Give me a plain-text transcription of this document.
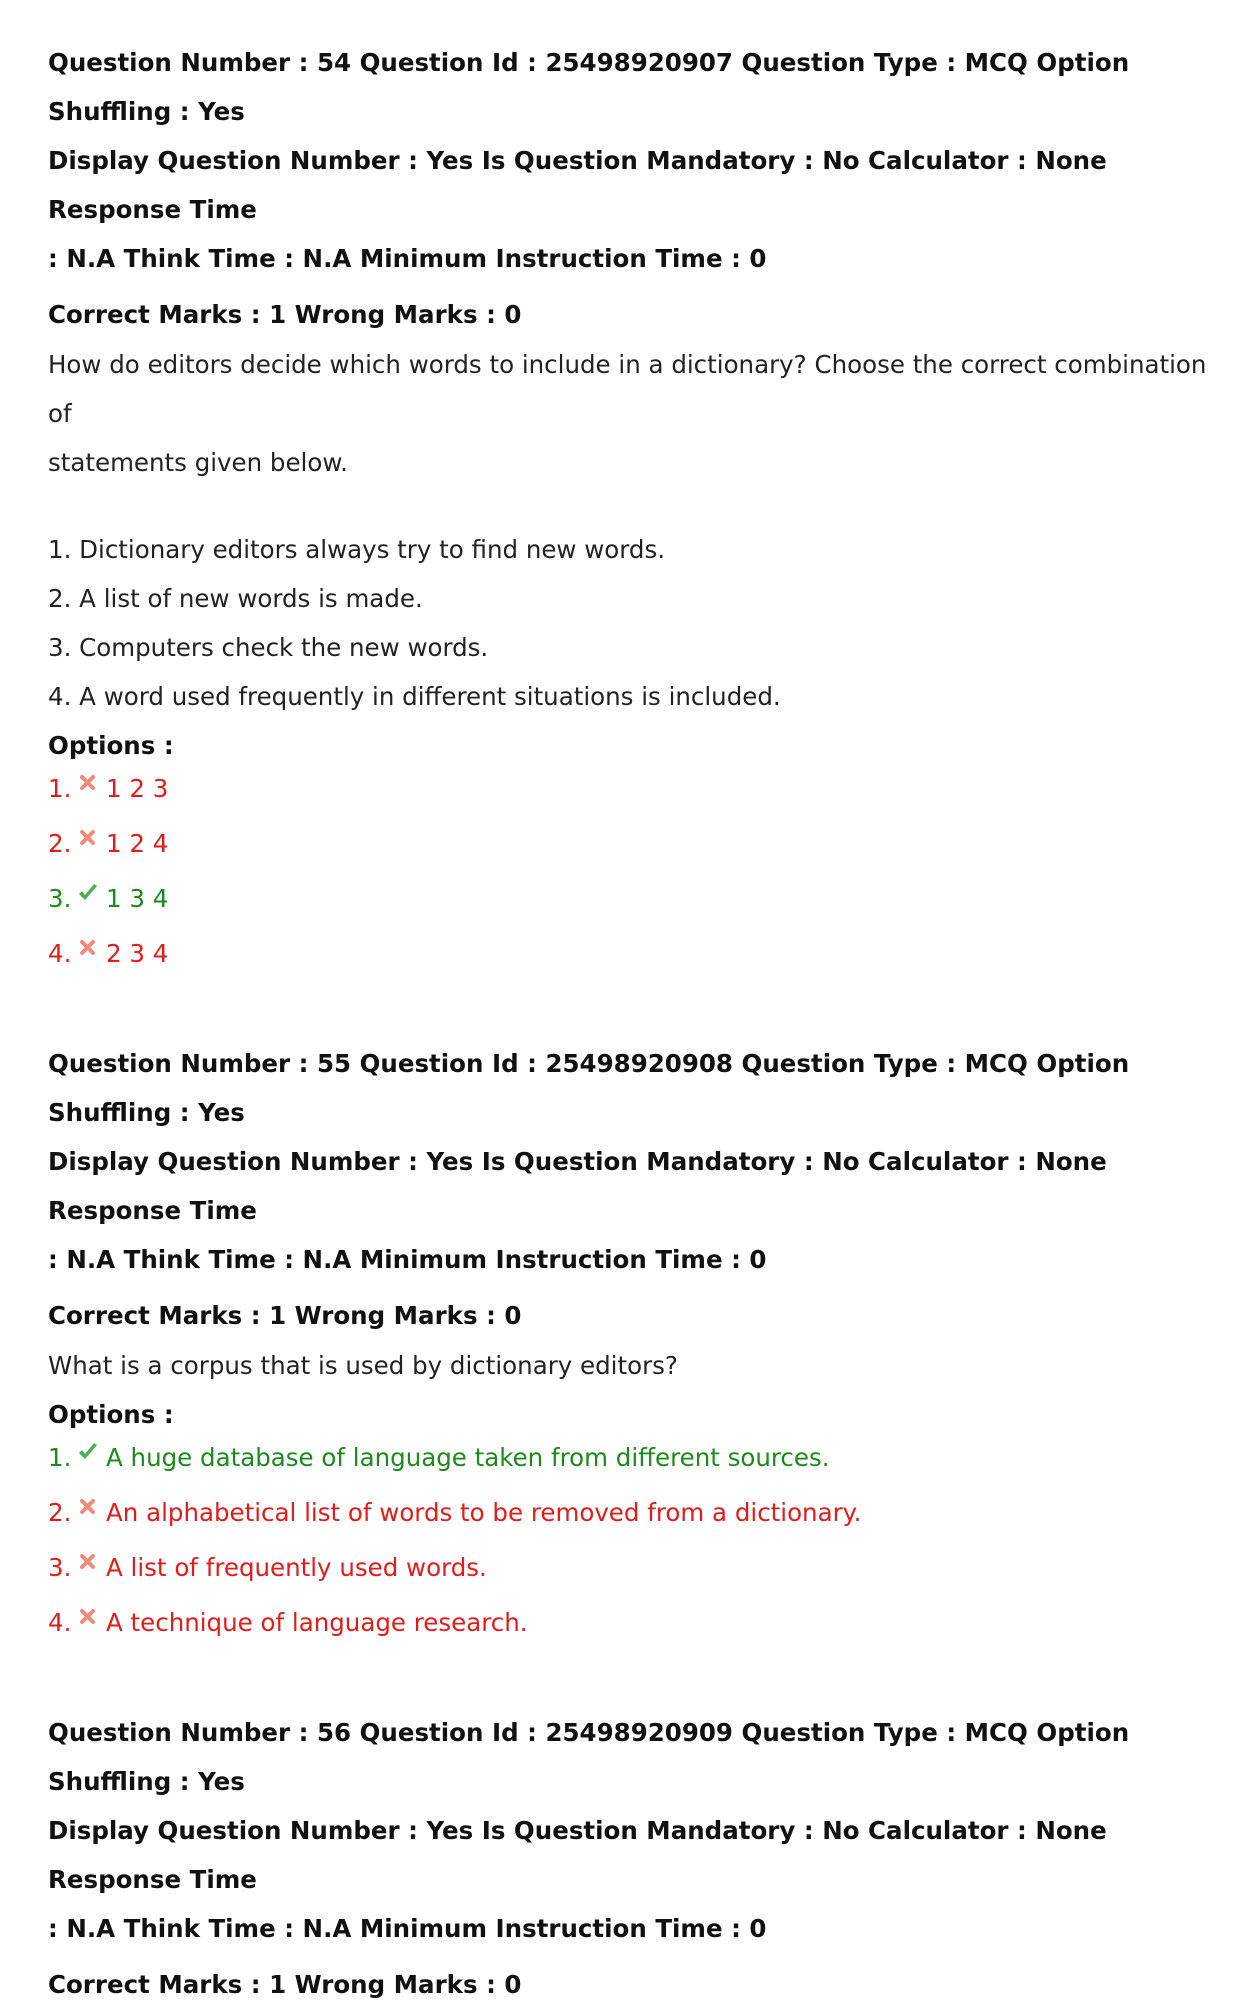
Question Number : 54 Question Id : 25498920907 Question Type : MCQ Option Shuffling : Yes
Display Question Number : Yes Is Question Mandatory : No Calculator : None Response Time
: N.A Think Time : N.A Minimum Instruction Time : 0
Correct Marks : 1 Wrong Marks : 0
How do editors decide which words to include in a dictionary? Choose the correct combination of
statements given below.
1. Dictionary editors always try to find new words.
2. A list of new words is made.
3. Computers check the new words.
4. A word used frequently in different situations is included.
Options :
1. 1 2 3
2. 1 2 4
3. 1 3 4
4. 2 3 4
Question Number : 55 Question Id : 25498920908 Question Type : MCQ Option Shuffling : Yes
Display Question Number : Yes Is Question Mandatory : No Calculator : None Response Time
: N.A Think Time : N.A Minimum Instruction Time : 0
Correct Marks : 1 Wrong Marks : 0
What is a corpus that is used by dictionary editors?
Options :
1. A huge database of language taken from different sources.
2. An alphabetical list of words to be removed from a dictionary.
3. A list of frequently used words.
4. A technique of language research.
Question Number : 56 Question Id : 25498920909 Question Type : MCQ Option Shuffling : Yes
Display Question Number : Yes Is Question Mandatory : No Calculator : None Response Time
: N.A Think Time : N.A Minimum Instruction Time : 0
Correct Marks : 1 Wrong Marks : 0
